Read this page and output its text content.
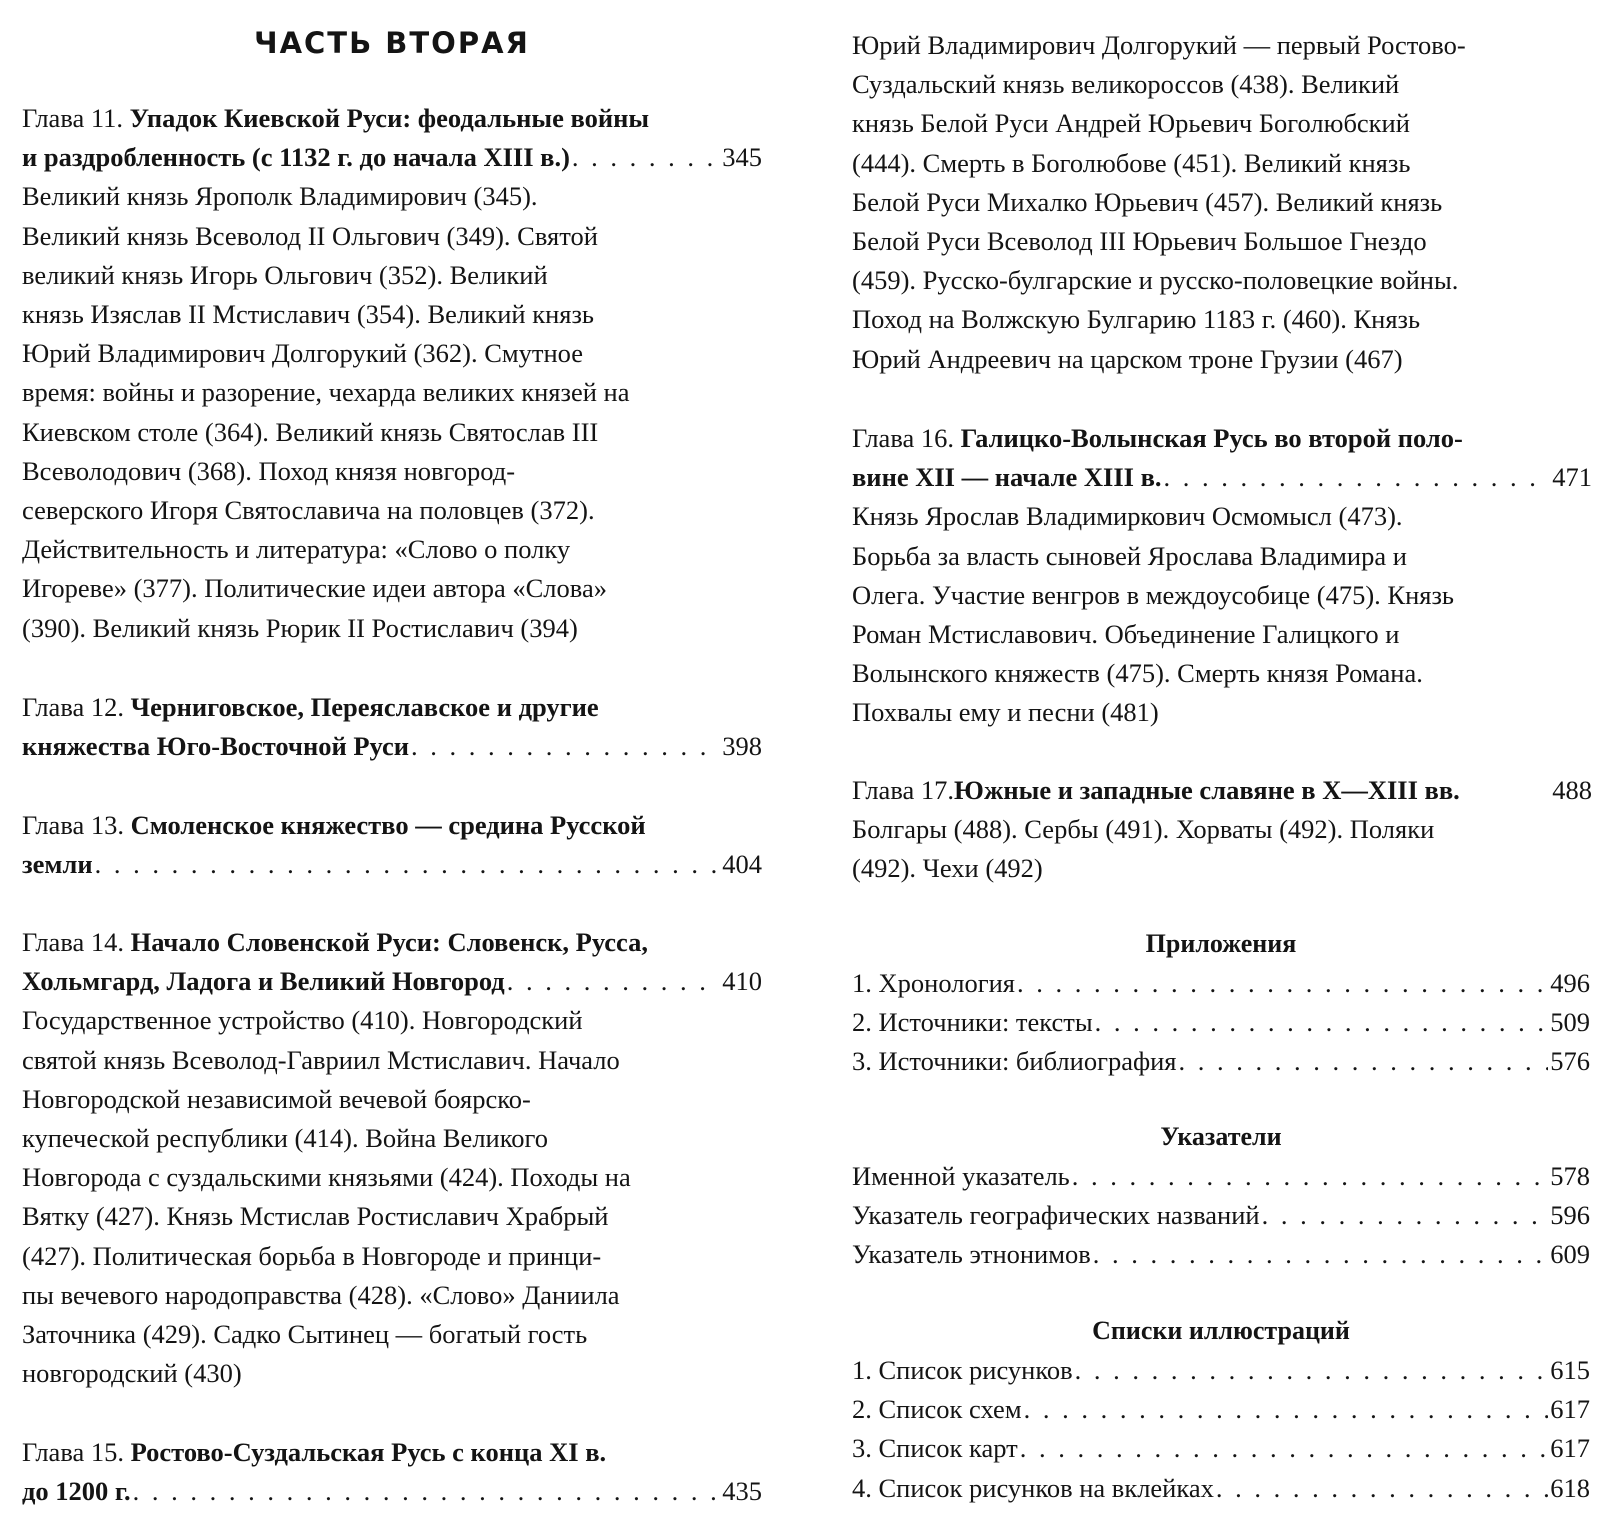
ЧАСТЬ ВТОРАЯ
Глава 11. Упадок Киевской Руси: феодальные войны
и раздробленность (с 1132 г. до начала XIII в.) . . .	345
Великий князь Ярополк Владимирович (345).
Великий князь Всеволод II Ольгович (349). Святой
великий князь Игорь Ольгович (352). Великий
князь Изяслав II Мстиславич (354). Великий князь
Юрий Владимирович Долгорукий (362). Смутное
время: войны и разорение, чехарда великих князей на
Киевском столе (364). Великий князь Святослав III
Всеволодович (368). Поход князя новгород-
северского Игоря Святославича на половцев (372).
Действительность и литература: «Слово о полку
Игореве» (377). Политические идеи автора «Слова»
(390). Великий князь Рюрик II Ростиславич (394)
Глава 12. Черниговское, Переяславское и другие
княжества Юго-Восточной Руси . . .	398
Глава 13. Смоленское княжество — средина Русской
земли . . .	404
Глава 14. Начало Словенской Руси: Словенск, Русса,
Хольмгард, Ладога и Великий Новгород . . .	410
Государственное устройство (410). Новгородский
святой князь Всеволод-Гавриил Мстиславич. Начало
Новгородской независимой вечевой боярско-
купеческой республики (414). Война Великого
Новгорода с суздальскими князьями (424). Походы на
Вятку (427). Князь Мстислав Ростиславич Храбрый
(427). Политическая борьба в Новгороде и принци-
пы вечевого народоправства (428). «Слово» Даниила
Заточника (429). Садко Сытинец — богатый гость
новгородский (430)
Глава 15. Ростово-Суздальская Русь с конца XI в.
до 1200 г. . . .	435
Юрий Владимирович Долгорукий — первый Ростово-
Суздальский князь великороссов (438). Великий
князь Белой Руси Андрей Юрьевич Боголюбский
(444). Смерть в Боголюбове (451). Великий князь
Белой Руси Михалко Юрьевич (457). Великий князь
Белой Руси Всеволод III Юрьевич Большое Гнездо
(459). Русско-булгарские и русско-половецкие войны.
Поход на Волжскую Булгарию 1183 г. (460). Князь
Юрий Андреевич на царском троне Грузии (467)
Глава 16. Галицко-Волынская Русь во второй поло-
вине XII — начале XIII в. . . .	471
Князь Ярослав Владимиркович Осмомысл (473).
Борьба за власть сыновей Ярослава Владимира и
Олега. Участие венгров в междоусобице (475). Князь
Роман Мстиславович. Объединение Галицкого и
Волынского княжеств (475). Смерть князя Романа.
Похвалы ему и песни (481)
Глава 17. Южные и западные славяне в X—XIII вв.	488
Болгары (488). Сербы (491). Хорваты (492). Поляки
(492). Чехи (492)
Приложения
1. Хронология . . .	496
2. Источники: тексты . . .	509
3. Источники: библиография . . .	576
Указатели
Именной указатель . . .	578
Указатель географических названий . . .	596
Указатель этнонимов . . .	609
Списки иллюстраций
1. Список рисунков . . .	615
2. Список схем . . .	617
3. Список карт . . .	617
4. Список рисунков на вклейках . . .	618
